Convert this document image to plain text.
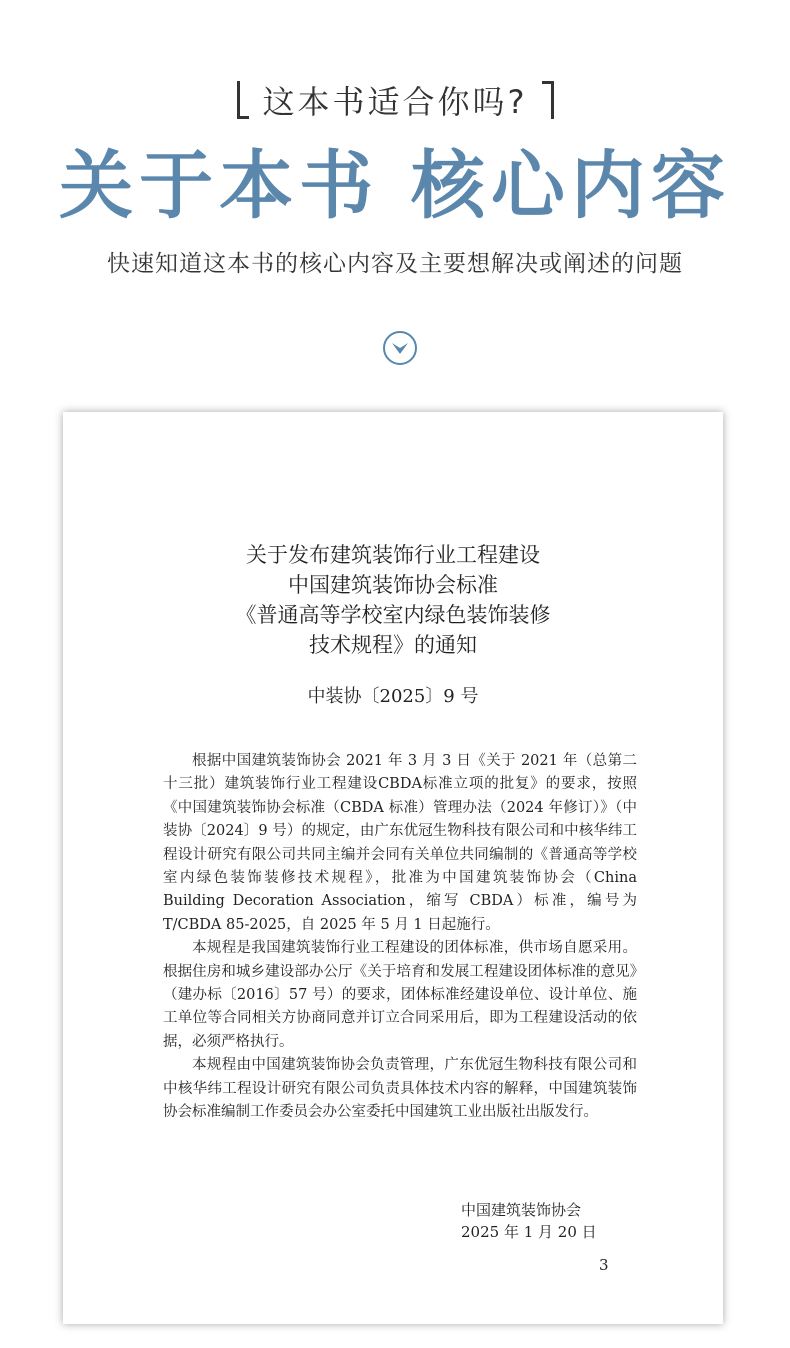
这本书适合你吗?
关于本书 核心内容
快速知道这本书的核心内容及主要想解决或阐述的问题
关于发布建筑装饰行业工程建设
中国建筑装饰协会标准
《普通高等学校室内绿色装饰装修
技术规程》的通知
中装协〔2025〕9 号

根据中国建筑装饰协会 2021 年 3 月 3 日《关于 2021 年（总第二十三批）建筑装饰行业工程建设CBDA标准立项的批复》的要求，按照《中国建筑装饰协会标准（CBDA 标准）管理办法（2024 年修订）》（中装协〔2024〕9 号）的规定，由广东优冠生物科技有限公司和中核华纬工程设计研究有限公司共同主编并会同有关单位共同编制的《普通高等学校室内绿色装饰装修技术规程》，批准为中国建筑装饰协会（China Building Decoration Association，缩写 CBDA）标准，编号为 T/CBDA 85-2025，自 2025 年 5 月 1 日起施行。

本规程是我国建筑装饰行业工程建设的团体标准，供市场自愿采用。根据住房和城乡建设部办公厅《关于培育和发展工程建设团体标准的意见》（建办标〔2016〕57 号）的要求，团体标准经建设单位、设计单位、施工单位等合同相关方协商同意并订立合同采用后，即为工程建设活动的依据，必须严格执行。

本规程由中国建筑装饰协会负责管理，广东优冠生物科技有限公司和中核华纬工程设计研究有限公司负责具体技术内容的解释，中国建筑装饰协会标准编制工作委员会办公室委托中国建筑工业出版社出版发行。

中国建筑装饰协会
2025 年 1 月 20 日
3
